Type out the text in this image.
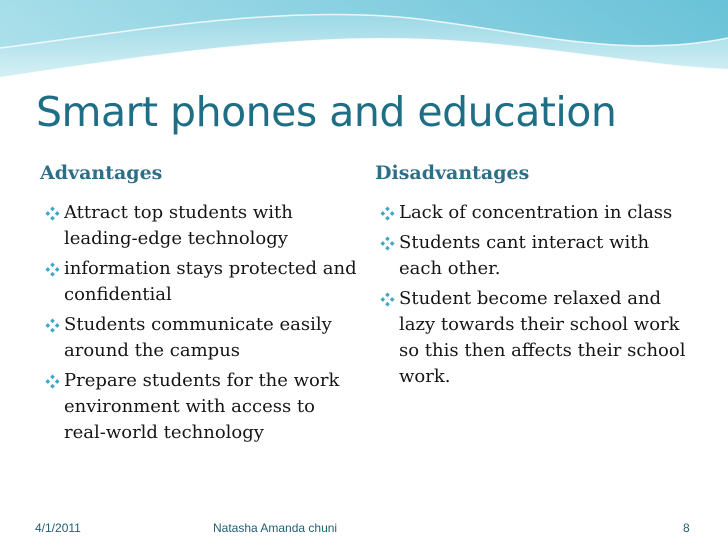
Smart phones and education
Advantages	Disadvantages
Attract top students with leading-edge technology
information stays protected and confidential
Students communicate easily around the campus
Prepare students for the work environment with access to real-world technology
Lack of concentration in class
Students cant interact with each other.
Student become relaxed and lazy towards their school work so this then affects their school work.
4/1/2011	Natasha Amanda chuni	8
